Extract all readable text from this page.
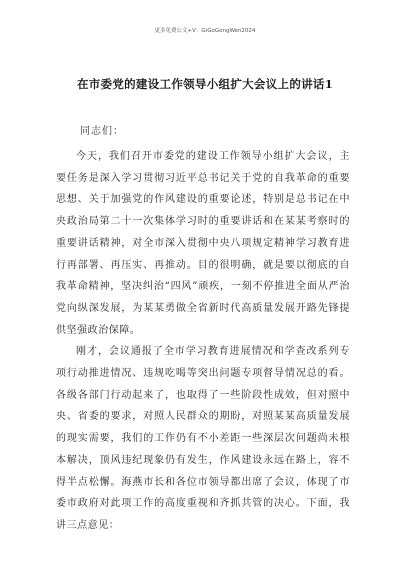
更多免费公文+V：GiGoGongWen2024
在市委党的建设工作领导小组扩大会议上的讲话1
同志们：

今天，我们召开市委党的建设工作领导小组扩大会议，主要任务是深入学习贯彻习近平总书记关于党的自我革命的重要思想、关于加强党的作风建设的重要论述，特别是总书记在中央政治局第二十一次集体学习时的重要讲话和在某某考察时的重要讲话精神，对全市深入贯彻中央八项规定精神学习教育进行再部署、再压实、再推动。目的很明确，就是要以彻底的自我革命精神，坚决纠治“四风”顽疾，一刻不停推进全面从严治党向纵深发展，为某某勇做全省新时代高质量发展开路先锋提供坚强政治保障。

刚才，会议通报了全市学习教育进展情况和学查改系列专项行动推进情况、违规吃喝等突出问题专项督导情况总的看。各级各部门行动起来了，也取得了一些阶段性成效，但对照中央、省委的要求，对照人民群众的期盼，对照某某高质量发展的现实需要，我们的工作仍有不小差距一些深层次问题尚未根本解决，顶风违纪现象仍有发生，作风建设永远在路上，容不得半点松懈。海燕市长和各位市领导都出席了会议，体现了市委市政府对此项工作的高度重视和齐抓共管的决心。下面，我讲三点意见：
